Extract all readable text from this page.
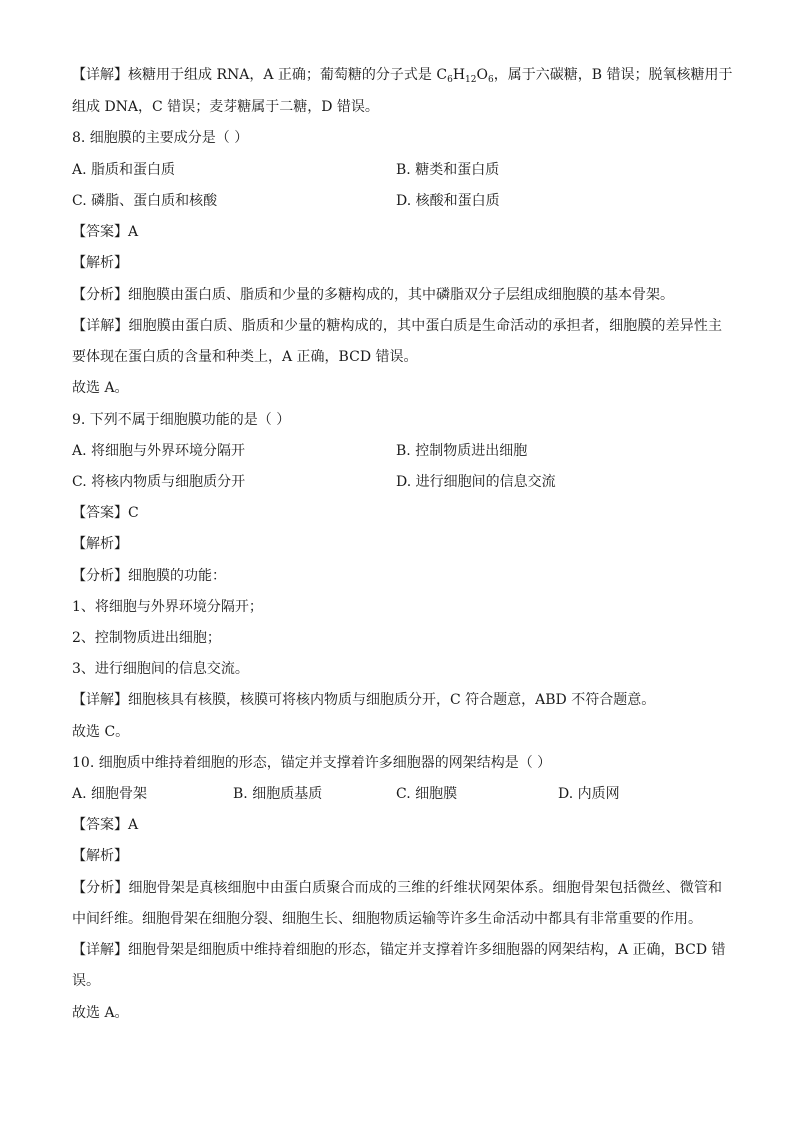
【详解】核糖用于组成 RNA，A 正确；葡萄糖的分子式是 $C_6H_{12}O_6$，属于六碳糖，B 错误；脱氧核糖用于
组成 DNA，C 错误；麦芽糖属于二糖，D 错误。
8. 细胞膜的主要成分是（ ）
A. 脂质和蛋白质	B. 糖类和蛋白质
C. 磷脂、蛋白质和核酸	D. 核酸和蛋白质
【答案】A
【解析】
【分析】细胞膜由蛋白质、脂质和少量的多糖构成的，其中磷脂双分子层组成细胞膜的基本骨架。
【详解】细胞膜由蛋白质、脂质和少量的糖构成的，其中蛋白质是生命活动的承担者，细胞膜的差异性主
要体现在蛋白质的含量和种类上，A 正确，BCD 错误。
故选 A。
9. 下列不属于细胞膜功能的是（ ）
A. 将细胞与外界环境分隔开	B. 控制物质进出细胞
C. 将核内物质与细胞质分开	D. 进行细胞间的信息交流
【答案】C
【解析】
【分析】细胞膜的功能：
1、将细胞与外界环境分隔开；
2、控制物质进出细胞；
3、进行细胞间的信息交流。
【详解】细胞核具有核膜，核膜可将核内物质与细胞质分开，C 符合题意，ABD 不符合题意。
故选 C。
10. 细胞质中维持着细胞的形态，锚定并支撑着许多细胞器的网架结构是（ ）
A. 细胞骨架	B. 细胞质基质	C. 细胞膜	D. 内质网
【答案】A
【解析】
【分析】细胞骨架是真核细胞中由蛋白质聚合而成的三维的纤维状网架体系。细胞骨架包括微丝、微管和
中间纤维。细胞骨架在细胞分裂、细胞生长、细胞物质运输等许多生命活动中都具有非常重要的作用。
【详解】细胞骨架是细胞质中维持着细胞的形态，锚定并支撑着许多细胞器的网架结构，A 正确，BCD 错
误。
故选 A。
